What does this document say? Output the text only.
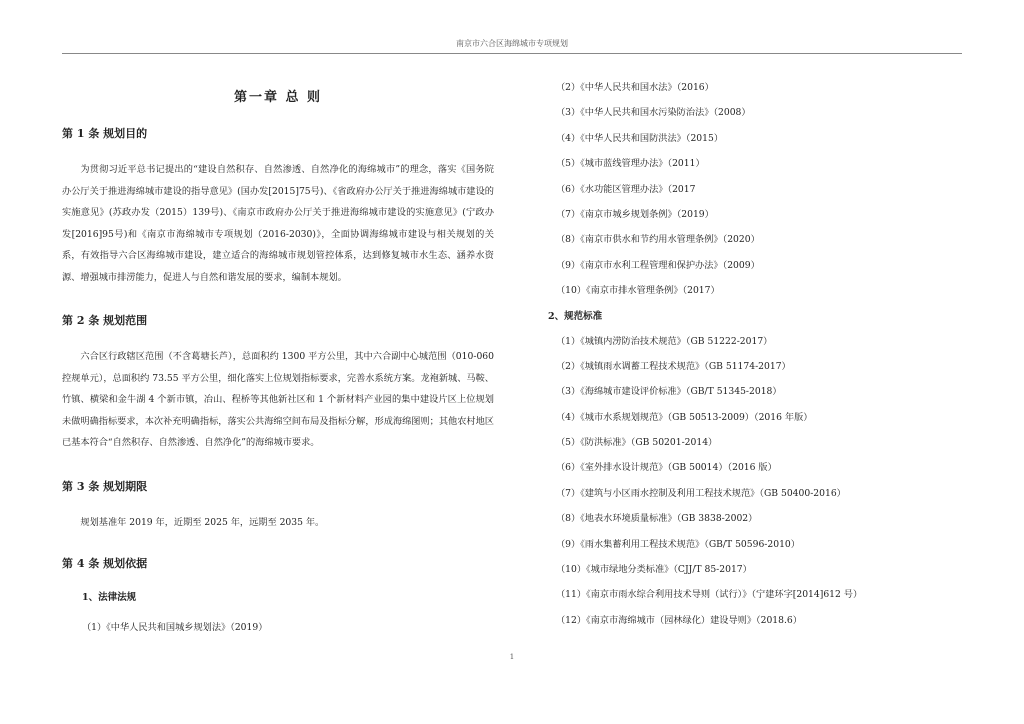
南京市六合区海绵城市专项规划
第一章 总 则
第 1 条 规划目的

为贯彻习近平总书记提出的“建设自然积存、自然渗透、自然净化的海绵城市”的理念，落实《国务院办公厅关于推进海绵城市建设的指导意见》(国办发[2015]75号)、《省政府办公厅关于推进海绵城市建设的实施意见》(苏政办发（2015）139号)、《南京市政府办公厅关于推进海绵城市建设的实施意见》(宁政办发[2016]95号)和《南京市海绵城市专项规划（2016-2030)》，全面协调海绵城市建设与相关规划的关系，有效指导六合区海绵城市建设，建立适合的海绵城市规划管控体系，达到修复城市水生态、涵养水资源、增强城市排涝能力，促进人与自然和谐发展的要求，编制本规划。

第 2 条 规划范围

六合区行政辖区范围（不含葛塘长芦），总面积约 1300 平方公里，其中六合副中心城范围（010-060 控规单元），总面积约 73.55 平方公里，细化落实上位规划指标要求，完善水系统方案。龙袍新城、马鞍、竹镇、横梁和金牛湖 4 个新市镇，冶山、程桥等其他新社区和 1 个新材料产业园的集中建设片区上位规划未做明确指标要求，本次补充明确指标，落实公共海绵空间布局及指标分解，形成海绵图则；其他农村地区已基本符合“自然积存、自然渗透、自然净化”的海绵城市要求。

第 3 条 规划期限

规划基准年 2019 年，近期至 2025 年，远期至 2035 年。

第 4 条 规划依据
1、法律法规
（1）《中华人民共和国城乡规划法》（2019）
（2）《中华人民共和国水法》（2016）
（3）《中华人民共和国水污染防治法》（2008）
（4）《中华人民共和国防洪法》（2015）
（5）《城市蓝线管理办法》（2011）
（6）《水功能区管理办法》（2017
（7）《南京市城乡规划条例》（2019）
（8）《南京市供水和节约用水管理条例》（2020）
（9）《南京市水利工程管理和保护办法》（2009）
（10）《南京市排水管理条例》（2017）
2、规范标准
（1）《城镇内涝防治技术规范》（GB 51222-2017）
（2）《城镇雨水调蓄工程技术规范》（GB 51174-2017）
（3）《海绵城市建设评价标准》（GB/T 51345-2018）
（4）《城市水系规划规范》（GB 50513-2009）（2016 年版）
（5）《防洪标准》（GB 50201-2014）
（6）《室外排水设计规范》（GB 50014）（2016 版）
（7）《建筑与小区雨水控制及利用工程技术规范》（GB 50400-2016）
（8）《地表水环境质量标准》（GB 3838-2002）
（9）《雨水集蓄利用工程技术规范》（GB/T 50596-2010）
（10）《城市绿地分类标准》（CJJ/T 85-2017）
（11）《南京市雨水综合利用技术导则（试行）》（宁建环字[2014]612 号）
（12）《南京市海绵城市（园林绿化）建设导则》（2018.6）
1
